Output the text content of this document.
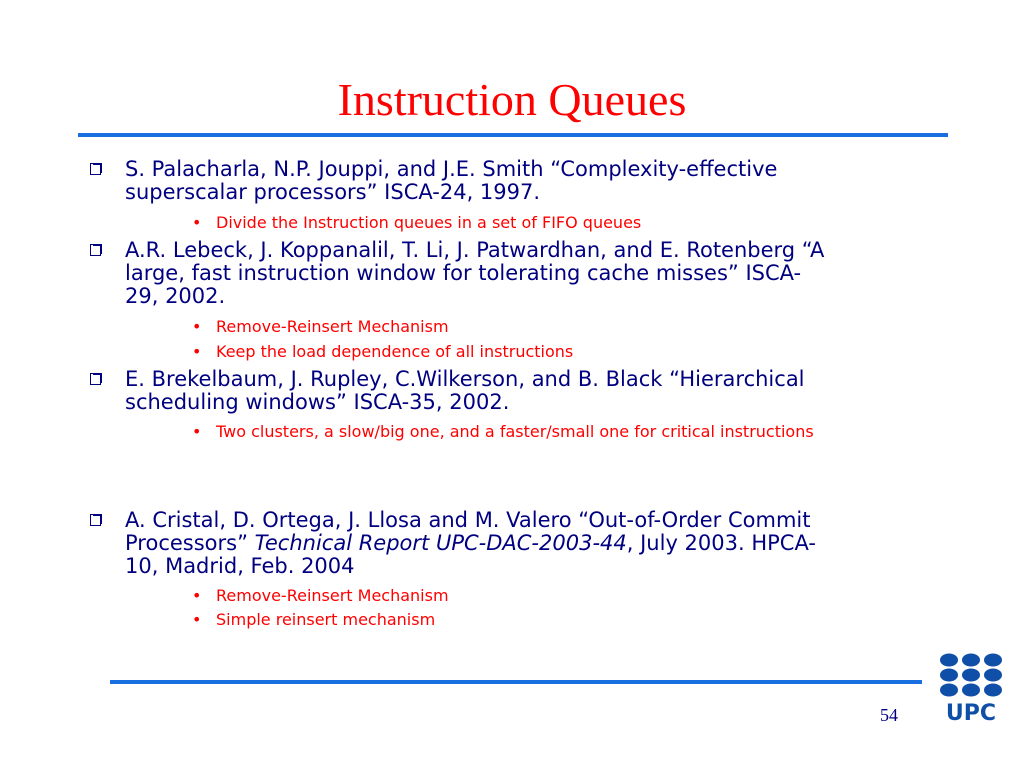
Instruction Queues
S. Palacharla, N.P. Jouppi, and J.E. Smith “Complexity-effective
superscalar processors” ISCA-24, 1997.
• Divide the Instruction queues in a set of FIFO queues
A.R. Lebeck, J. Koppanalil, T. Li, J. Patwardhan, and E. Rotenberg “A
large, fast instruction window for tolerating cache misses” ISCA-
29, 2002.
• Remove-Reinsert Mechanism
• Keep the load dependence of all instructions
E. Brekelbaum, J. Rupley, C.Wilkerson, and B. Black “Hierarchical
scheduling windows” ISCA-35, 2002.
• Two clusters, a slow/big one, and a faster/small one for critical instructions
A. Cristal, D. Ortega, J. Llosa and M. Valero “Out-of-Order Commit
Processors” Technical Report UPC-DAC-2003-44, July 2003. HPCA-
10, Madrid, Feb. 2004
• Remove-Reinsert Mechanism
• Simple reinsert mechanism
54	UPC
